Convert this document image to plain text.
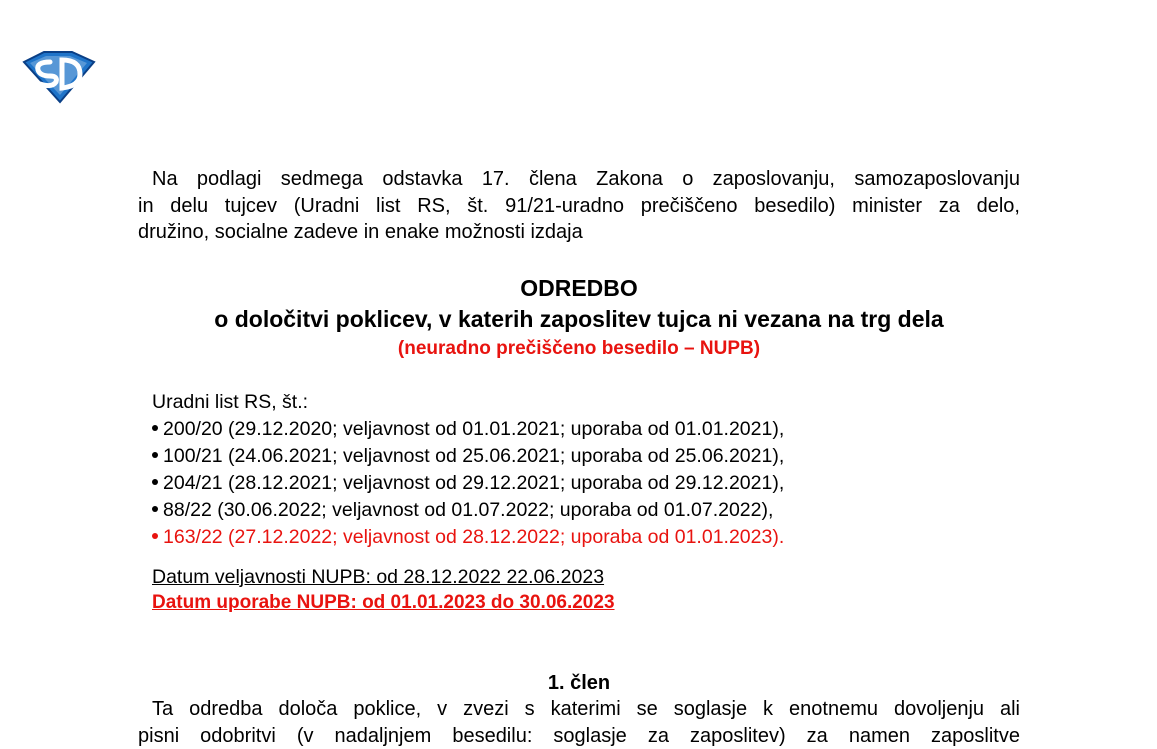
Na podlagi sedmega odstavka 17. člena Zakona o zaposlovanju, samozaposlovanju
in delu tujcev (Uradni list RS, št. 91/21-uradno prečiščeno besedilo) minister za delo,
družino, socialne zadeve in enake možnosti izdaja
ODREDBO
o določitvi poklicev, v katerih zaposlitev tujca ni vezana na trg dela
(neuradno prečiščeno besedilo – NUPB)
Uradni list RS, št.:
200/20 (29.12.2020; veljavnost od 01.01.2021; uporaba od 01.01.2021),
100/21 (24.06.2021; veljavnost od 25.06.2021; uporaba od 25.06.2021),
204/21 (28.12.2021; veljavnost od 29.12.2021; uporaba od 29.12.2021),
88/22 (30.06.2022; veljavnost od 01.07.2022; uporaba od 01.07.2022),
163/22 (27.12.2022; veljavnost od 28.12.2022; uporaba od 01.01.2023).
Datum veljavnosti NUPB: od 28.12.2022 22.06.2023
Datum uporabe NUPB: od 01.01.2023 do 30.06.2023
1. člen
Ta odredba določa poklice, v zvezi s katerimi se soglasje k enotnemu dovoljenju ali
pisni odobritvi (v nadaljnjem besedilu: soglasje za zaposlitev) za namen zaposlitve
